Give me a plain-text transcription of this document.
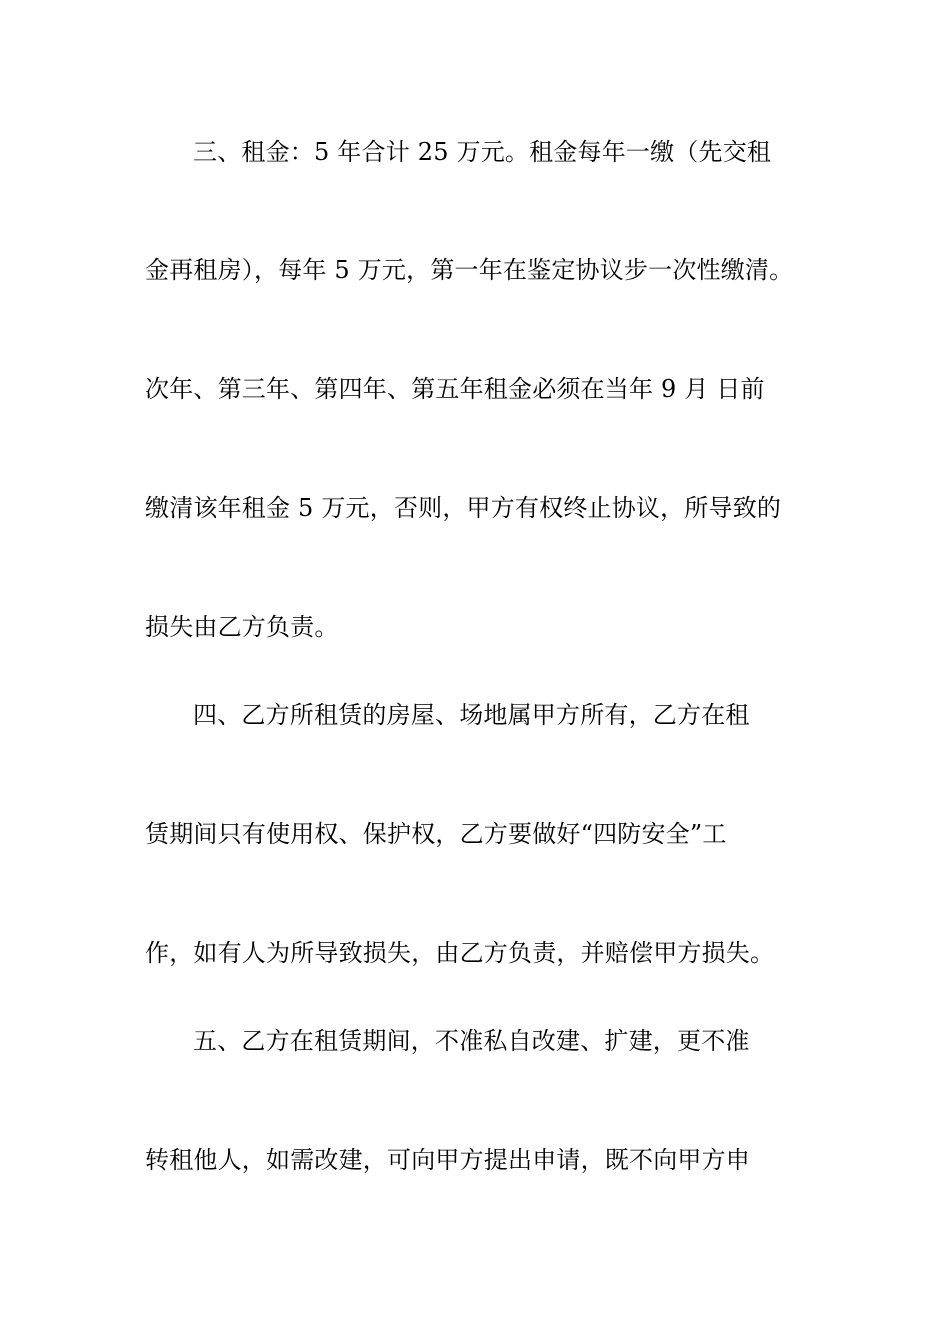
三、租金：5 年合计 25 万元。租金每年一缴（先交租
金再租房），每年 5 万元，第一年在鉴定协议步一次性缴清。
次年、第三年、第四年、第五年租金必须在当年 9 月 日前
缴清该年租金 5 万元，否则，甲方有权终止协议，所导致的
损失由乙方负责。
四、乙方所租赁的房屋、场地属甲方所有，乙方在租
赁期间只有使用权、保护权，乙方要做好“四防安全”工
作，如有人为所导致损失，由乙方负责，并赔偿甲方损失。
五、乙方在租赁期间，不准私自改建、扩建，更不准
转租他人，如需改建，可向甲方提出申请，既不向甲方申
